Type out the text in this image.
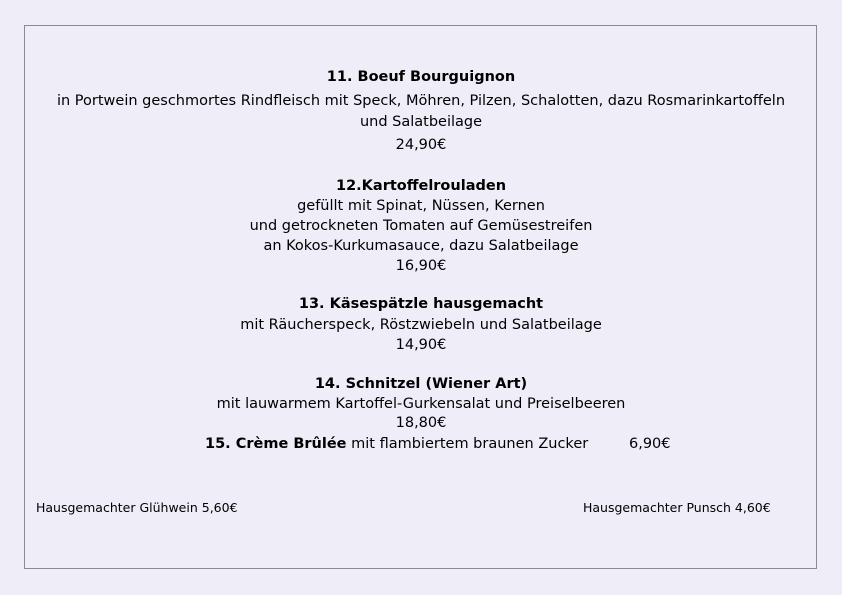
11. Boeuf Bourguignon
in Portwein geschmortes Rindfleisch mit Speck, Möhren, Pilzen, Schalotten, dazu Rosmarinkartoffeln
und Salatbeilage
24,90€
12.Kartoffelrouladen
gefüllt mit Spinat, Nüssen, Kernen
und getrockneten Tomaten auf Gemüsestreifen
an Kokos-Kurkumasauce, dazu Salatbeilage
16,90€
13. Käsespätzle hausgemacht
mit Räucherspeck, Röstzwiebeln und Salatbeilage
14,90€
14. Schnitzel (Wiener Art)
mit lauwarmem Kartoffel-Gurkensalat und Preiselbeeren
18,80€
15. Crème Brûlée mit flambiertem braunen Zucker	6,90€
Hausgemachter Glühwein 5,60€	Hausgemachter Punsch 4,60€
